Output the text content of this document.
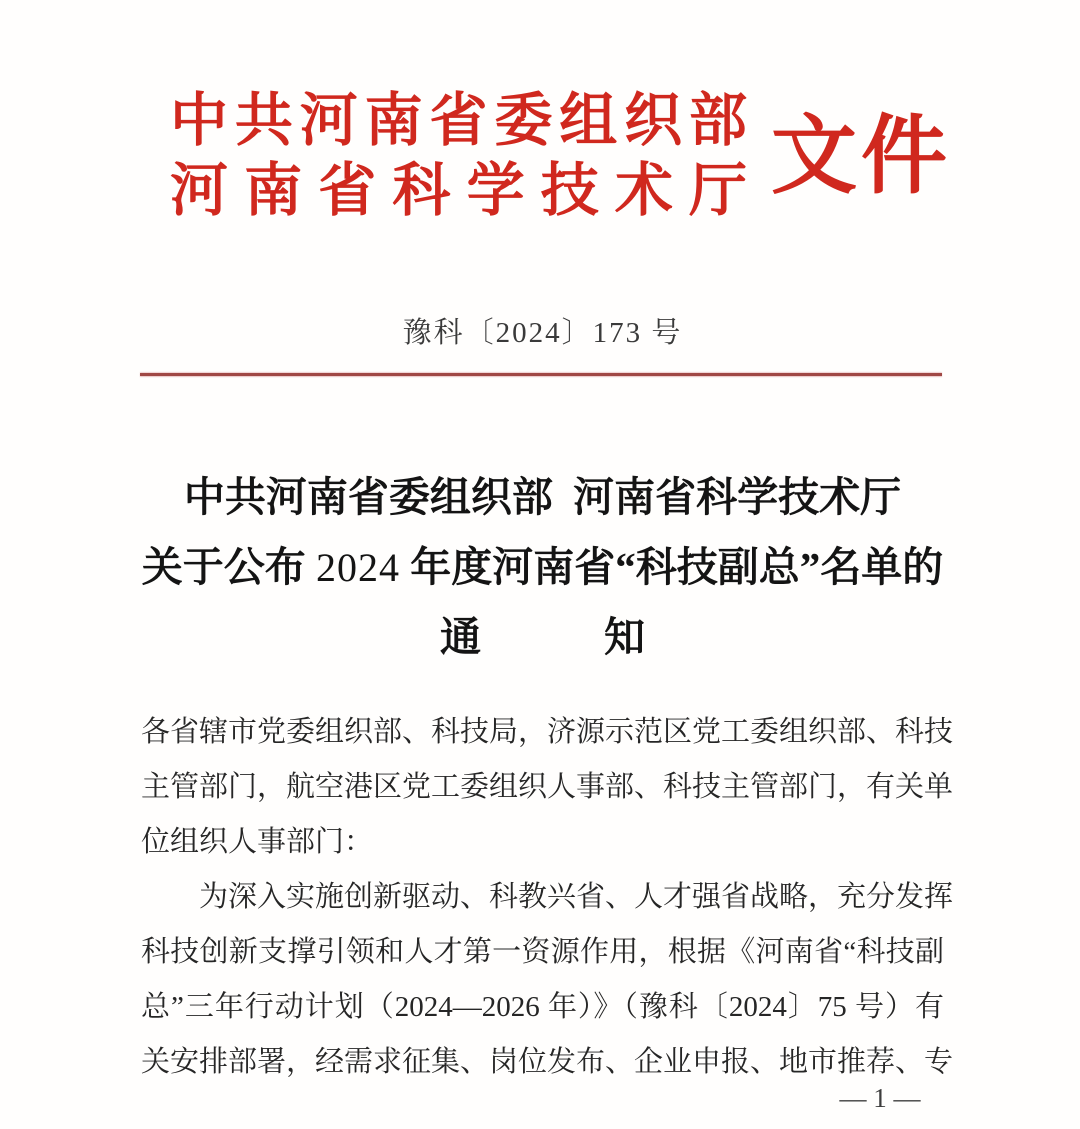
中共河南省委组织部
河南省科学技术厅 文件
豫科〔2024〕173 号
中共河南省委组织部 河南省科学技术厅
关于公布 2024 年度河南省“科技副总”名单的
通　　　知
各省辖市党委组织部、科技局，济源示范区党工委组织部、科技
主管部门，航空港区党工委组织人事部、科技主管部门，有关单
位组织人事部门：
为深入实施创新驱动、科教兴省、人才强省战略，充分发挥
科技创新支撑引领和人才第一资源作用，根据《河南省“科技副
总”三年行动计划（2024—2026 年）》（豫科〔2024〕75 号）有
关安排部署，经需求征集、岗位发布、企业申报、地市推荐、专
— 1 —
